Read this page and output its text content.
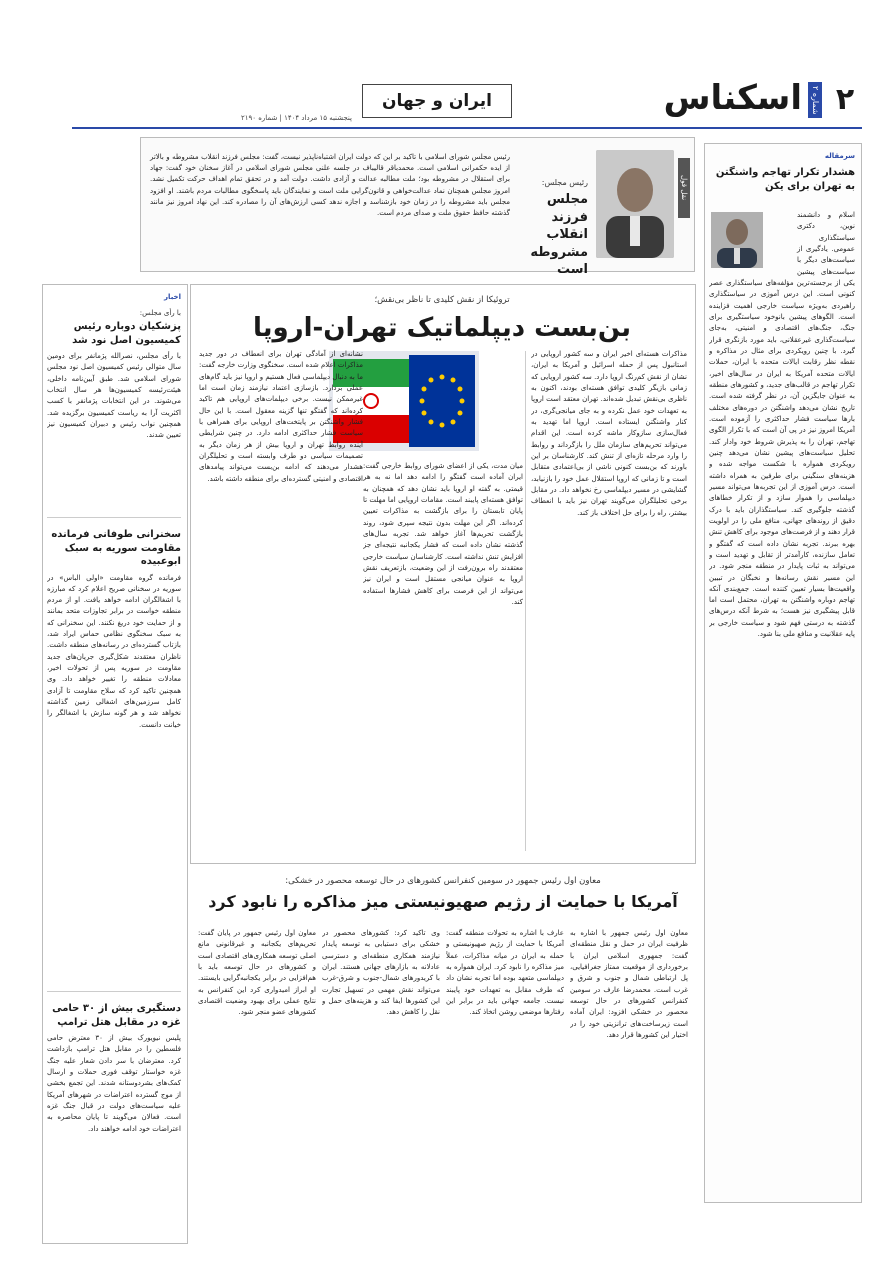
۲
شماره ۲
اسکناس
ایران و جهان
پنجشنبه ۱۵ مرداد ۱۴۰۴ | شماره ۲۱۹۰
نقل قول
رئیس مجلس:
مجلس فرزند انقلاب مشروطه است
رئیس مجلس شورای اسلامی با تاکید بر این که دولت ایران اشتباه‌ناپذیر نیست، گفت: مجلس فرزند انقلاب مشروطه و بالاتر از ایده حکمرانی اسلامی است. محمدباقر قالیباف در جلسه علنی مجلس شورای اسلامی در آغاز سخنان خود گفت: جهاد برای استقلال در مشروطه بود؛ ملت مطالبه عدالت و آزادی داشت. دولت آمد و در تحقق تمام اهداف حرکت تکمیل نشد. امروز مجلس همچنان نماد عدالت‌خواهی و قانون‌گرایی ملت است و نمایندگان باید پاسخگوی مطالبات مردم باشند. او افزود مجلس باید مشروطه را در زمان خود بازشناسد و اجازه ندهد کسی ارزش‌های آن را مصادره کند. این نهاد امروز نیز مانند گذشته حافظ حقوق ملت و صدای مردم است.
سرمقاله
هشدار تکرار تهاجم واشنگتن به تهران برای یکن
اسلام و دانشمند نوین، دکتری سیاستگذاری عمومی. یادگیری از سیاست‌های دیگر با سیاست‌های پیشین یکی از برجسته‌ترین مؤلفه‌های سیاستگذاری عصر کنونی است. این درس آموزی در سیاستگذاری راهبردی به‌ویژه سیاست خارجی اهمیت فزاینده است. الگوهای پیشین بانوخود سیاستگیری برای جنگ، جنگ‌های اقتصادی و امنیتی، به‌جای سیاست‌گذاری غیرعقلانی، باید مورد بازنگری قرار گیرد. با چنین رویکردی برای مثال در مذاکره و نقطه نظر رقابت ایالات متحده با ایران، حملات ایالات متحده آمریکا به ایران در سال‌های اخیر، تکرار تهاجم در قالب‌های جدید، و کشورهای منطقه به عنوان جایگزین آن، در نظر گرفته شده است. تاریخ نشان می‌دهد واشنگتن در دوره‌های مختلف بارها سیاست فشار حداکثری را آزموده است. آمریکا امروز نیز در پی آن است که با تکرار الگوی تهاجم، تهران را به پذیرش شروط خود وادار کند. تحلیل سیاست‌های پیشین نشان می‌دهد چنین رویکردی همواره با شکست مواجه شده و هزینه‌های سنگینی برای طرفین به همراه داشته است. درس آموزی از این تجربه‌ها می‌تواند مسیر دیپلماسی را هموار سازد و از تکرار خطاهای گذشته جلوگیری کند. سیاستگذاران باید با درک دقیق از روندهای جهانی، منافع ملی را در اولویت قرار دهند و از فرصت‌های موجود برای کاهش تنش بهره ببرند. تجربه نشان داده است که گفتگو و تعامل سازنده، کارآمدتر از تقابل و تهدید است و می‌تواند به ثبات پایدار در منطقه منجر شود. در این مسیر نقش رسانه‌ها و نخبگان در تبیین واقعیت‌ها بسیار تعیین کننده است. جمع‌بندی آنکه تهاجم دوباره واشنگتن به تهران، محتمل است اما قابل پیشگیری نیز هست؛ به شرط آنکه درس‌های گذشته به درستی فهم شود و سیاست خارجی بر پایه عقلانیت و منافع ملی بنا شود.
تروئیکا از نقش کلیدی تا ناظر بی‌نقش؛
بن‌بست دیپلماتیک تهران-اروپا
مذاکرات هسته‌ای اخیر ایران و سه کشور اروپایی در استانبول پس از حمله اسرائیل و آمریکا به ایران، نشان از نقش کم‌رنگ اروپا دارد. سه کشور اروپایی که زمانی بازیگر کلیدی توافق هسته‌ای بودند، اکنون به ناظری بی‌نقش تبدیل شده‌اند. تهران معتقد است اروپا به تعهدات خود عمل نکرده و به جای میانجی‌گری، در کنار واشنگتن ایستاده است. اروپا اما تهدید به فعال‌سازی سازوکار ماشه کرده است. این اقدام می‌تواند تحریم‌های سازمان ملل را بازگرداند و روابط را وارد مرحله تازه‌ای از تنش کند. کارشناسان بر این باورند که بن‌بست کنونی ناشی از بی‌اعتمادی متقابل است و تا زمانی که اروپا استقلال عمل خود را بازنیابد، گشایشی در مسیر دیپلماسی رخ نخواهد داد. در مقابل برخی تحلیلگران می‌گویند تهران نیز باید با انعطاف بیشتر، راه را برای حل اختلاف باز کند.
میان مدت، یکی از اعضای شورای روابط خارجی گفت: ایران آماده است گفتگو را ادامه دهد اما نه به هر قیمتی. به گفته او اروپا باید نشان دهد که همچنان به توافق هسته‌ای پایبند است. مقامات اروپایی اما مهلت تا پایان تابستان را برای بازگشت به مذاکرات تعیین کرده‌اند. اگر این مهلت بدون نتیجه سپری شود، روند بازگشت تحریم‌ها آغاز خواهد شد. تجربه سال‌های گذشته نشان داده است که فشار یکجانبه نتیجه‌ای جز افزایش تنش نداشته است. کارشناسان سیاست خارجی معتقدند راه برون‌رفت از این وضعیت، بازتعریف نقش اروپا به عنوان میانجی مستقل است و ایران نیز می‌تواند از این فرصت برای کاهش فشارها استفاده کند.
نشانه‌ای از آمادگی تهران برای انعطاف در دور جدید مذاکرات اعلام شده است. سخنگوی وزارت خارجه گفت: ما به دنبال دیپلماسی فعال هستیم و اروپا نیز باید گام‌های عملی بردارد. بازسازی اعتماد نیازمند زمان است اما غیرممکن نیست. برخی دیپلمات‌های اروپایی هم تاکید کرده‌اند که گفتگو تنها گزینه معقول است. با این حال فشار واشنگتن بر پایتخت‌های اروپایی برای همراهی با سیاست فشار حداکثری ادامه دارد. در چنین شرایطی آینده روابط تهران و اروپا بیش از هر زمان دیگر به تصمیمات سیاسی دو طرف وابسته است و تحلیلگران هشدار می‌دهند که ادامه بن‌بست می‌تواند پیامدهای اقتصادی و امنیتی گسترده‌ای برای منطقه داشته باشد.
اخبار
با رأی مجلس:
پزشکیان دوباره رئیس کمیسیون اصل نود شد
با رأی مجلس، نصرالله پژمانفر برای دومین سال متوالی رئیس کمیسیون اصل نود مجلس شورای اسلامی شد. طبق آیین‌نامه داخلی، هیئت‌رئیسه کمیسیون‌ها هر سال انتخاب می‌شوند. در این انتخابات پژمانفر با کسب اکثریت آرا به ریاست کمیسیون برگزیده شد. همچنین نواب رئیس و دبیران کمیسیون نیز تعیین شدند.
سخنرانی طوفانی فرمانده مقاومت سوریه به سبک ابوعبیده
فرمانده گروه مقاومت «اولی الباس» در سوریه در سخنانی صریح اعلام کرد که مبارزه با اشغالگران ادامه خواهد یافت. او از مردم منطقه خواست در برابر تجاوزات متحد بمانند و از حمایت خود دریغ نکنند. این سخنرانی که به سبک سخنگوی نظامی حماس ایراد شد، بازتاب گسترده‌ای در رسانه‌های منطقه داشت. ناظران معتقدند شکل‌گیری جریان‌های جدید مقاومت در سوریه پس از تحولات اخیر، معادلات منطقه را تغییر خواهد داد. وی همچنین تاکید کرد که سلاح مقاومت تا آزادی کامل سرزمین‌های اشغالی زمین گذاشته نخواهد شد و هر گونه سازش با اشغالگر را خیانت دانست.
دستگیری بیش از ۳۰ حامی غزه در مقابل هتل ترامپ
پلیس نیویورک بیش از ۳۰ معترض حامی فلسطین را در مقابل هتل ترامپ بازداشت کرد. معترضان با سر دادن شعار علیه جنگ غزه خواستار توقف فوری حملات و ارسال کمک‌های بشردوستانه شدند. این تجمع بخشی از موج گسترده اعتراضات در شهرهای آمریکا علیه سیاست‌های دولت در قبال جنگ غزه است. فعالان می‌گویند تا پایان محاصره به اعتراضات خود ادامه خواهند داد.
معاون اول رئیس جمهور در سومین کنفرانس کشورهای در حال توسعه محصور در خشکی:
آمریکا با حمایت از رژیم صهیونیستی میز مذاکره را نابود کرد
معاون اول رئیس جمهور با اشاره به ظرفیت ایران در حمل و نقل منطقه‌ای گفت: جمهوری اسلامی ایران با برخورداری از موقعیت ممتاز جغرافیایی، پل ارتباطی شمال و جنوب و شرق و غرب است. محمدرضا عارف در سومین کنفرانس کشورهای در حال توسعه محصور در خشکی افزود: ایران آماده است زیرساخت‌های ترانزیتی خود را در اختیار این کشورها قرار دهد.
عارف با اشاره به تحولات منطقه گفت: آمریکا با حمایت از رژیم صهیونیستی و حمله به ایران در میانه مذاکرات، عملاً میز مذاکره را نابود کرد. ایران همواره به دیپلماسی متعهد بوده اما تجربه نشان داد که طرف مقابل به تعهدات خود پایبند نیست. جامعه جهانی باید در برابر این رفتارها موضعی روشن اتخاذ کند.
وی تاکید کرد: کشورهای محصور در خشکی برای دستیابی به توسعه پایدار نیازمند همکاری منطقه‌ای و دسترسی عادلانه به بازارهای جهانی هستند. ایران با کریدورهای شمال-جنوب و شرق-غرب می‌تواند نقش مهمی در تسهیل تجارت این کشورها ایفا کند و هزینه‌های حمل و نقل را کاهش دهد.
معاون اول رئیس جمهور در پایان گفت: تحریم‌های یکجانبه و غیرقانونی مانع اصلی توسعه همکاری‌های اقتصادی است و کشورهای در حال توسعه باید با هم‌افزایی در برابر یکجانبه‌گرایی بایستند. او ابراز امیدواری کرد این کنفرانس به نتایج عملی برای بهبود وضعیت اقتصادی کشورهای عضو منجر شود.
